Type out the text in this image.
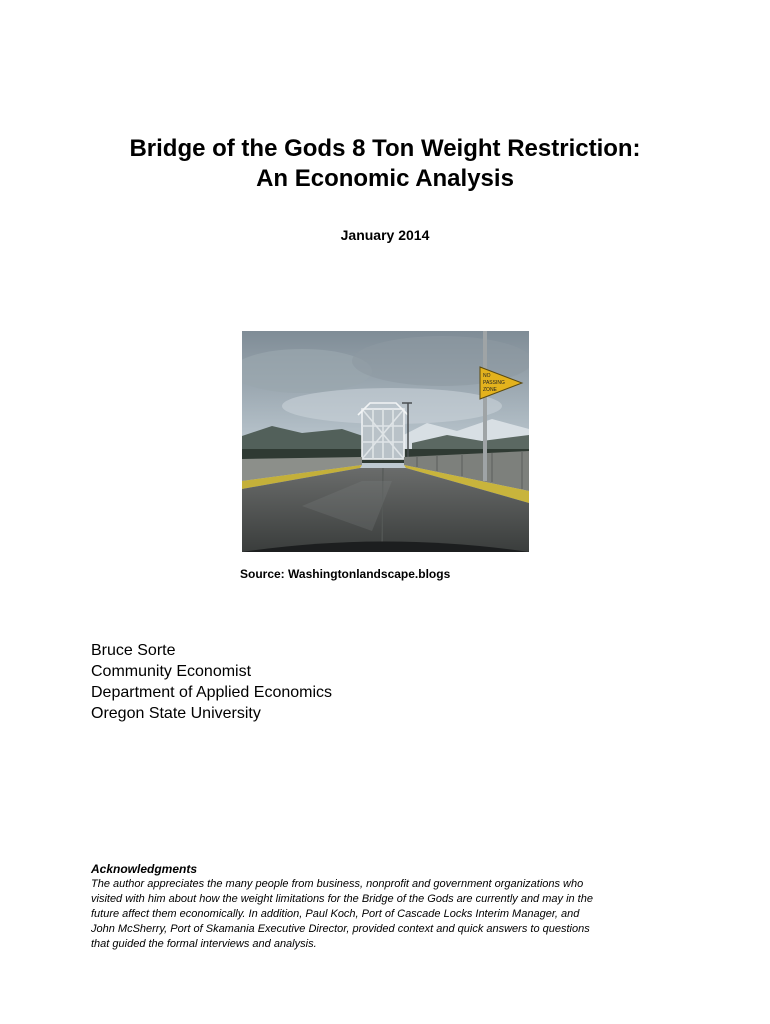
Bridge of the Gods 8 Ton Weight Restriction:
An Economic Analysis
January 2014
NO
PASSING
ZONE
Source: Washingtonlandscape.blogs
Bruce Sorte
Community Economist
Department of Applied Economics
Oregon State University
Acknowledgments
The author appreciates the many people from business, nonprofit and government organizations who
visited with him about how the weight limitations for the Bridge of the Gods are currently and may in the
future affect them economically. In addition, Paul Koch, Port of Cascade Locks Interim Manager, and
John McSherry, Port of Skamania Executive Director, provided context and quick answers to questions
that guided the formal interviews and analysis.
